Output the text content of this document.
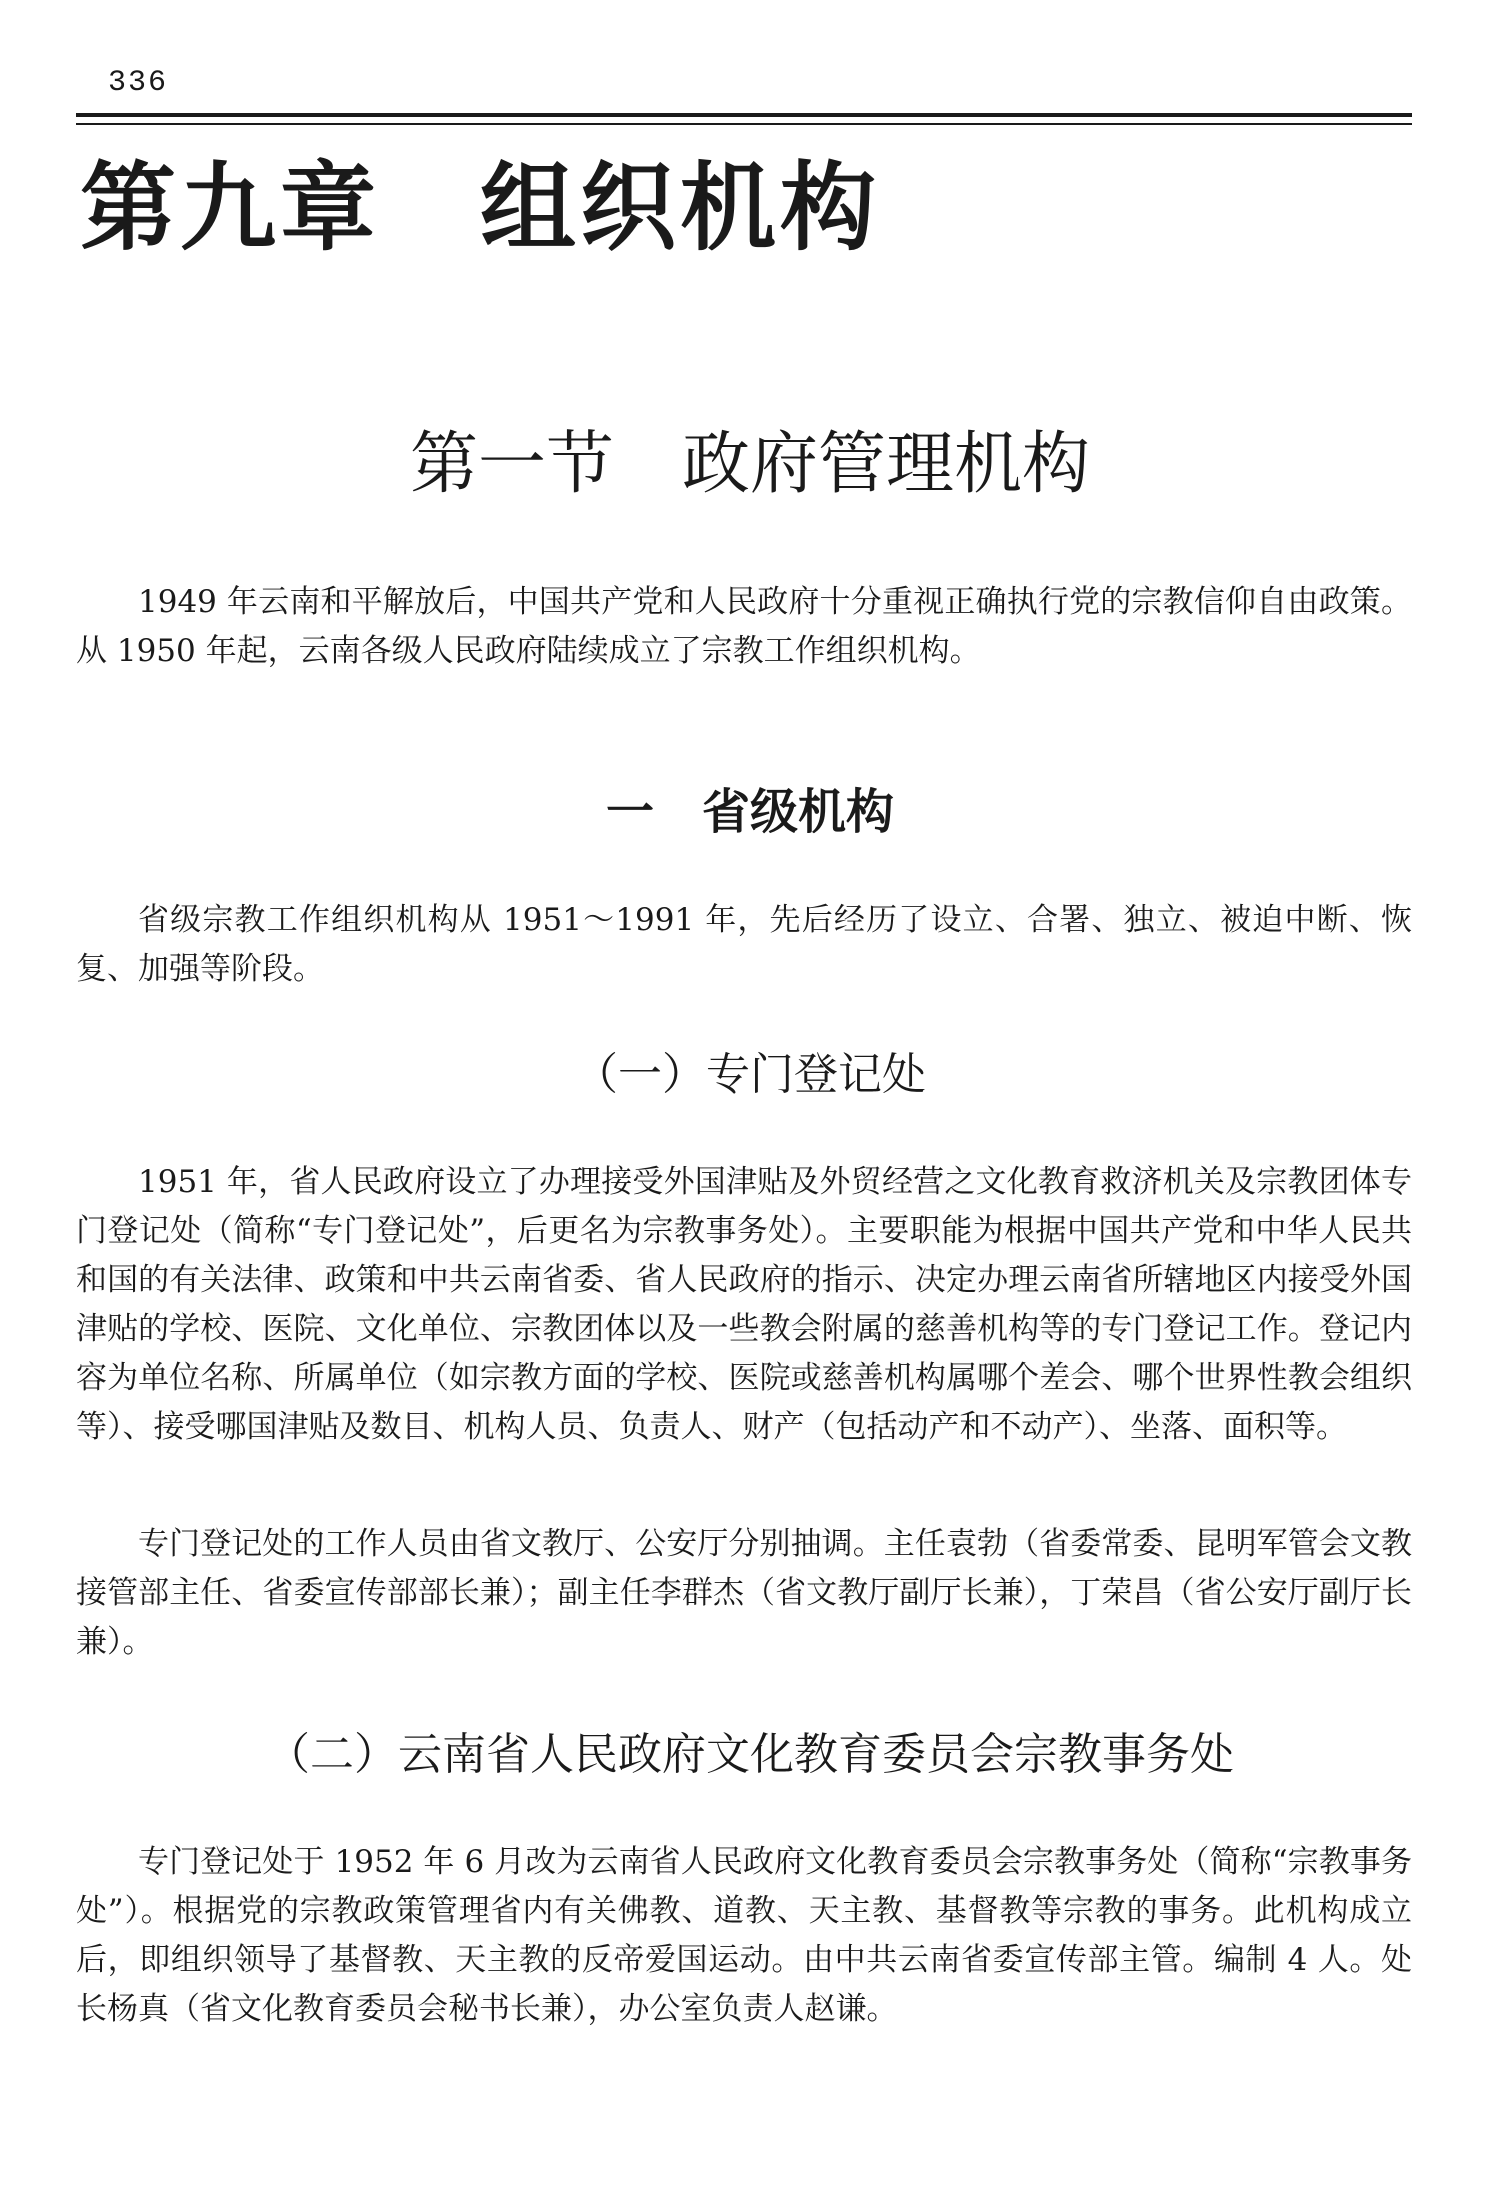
336
第九章　组织机构
第一节　政府管理机构

1949 年云南和平解放后，中国共产党和人民政府十分重视正确执行党的宗教信仰自由政策。从 1950 年起，云南各级人民政府陆续成立了宗教工作组织机构。

一　省级机构

省级宗教工作组织机构从 1951～1991 年，先后经历了设立、合署、独立、被迫中断、恢复、加强等阶段。

（一）专门登记处

1951 年，省人民政府设立了办理接受外国津贴及外贸经营之文化教育救济机关及宗教团体专门登记处（简称“专门登记处”，后更名为宗教事务处）。主要职能为根据中国共产党和中华人民共和国的有关法律、政策和中共云南省委、省人民政府的指示、决定办理云南省所辖地区内接受外国津贴的学校、医院、文化单位、宗教团体以及一些教会附属的慈善机构等的专门登记工作。登记内容为单位名称、所属单位（如宗教方面的学校、医院或慈善机构属哪个差会、哪个世界性教会组织等）、接受哪国津贴及数目、机构人员、负责人、财产（包括动产和不动产）、坐落、面积等。

专门登记处的工作人员由省文教厅、公安厅分别抽调。主任袁勃（省委常委、昆明军管会文教接管部主任、省委宣传部部长兼）；副主任李群杰（省文教厅副厅长兼），丁荣昌（省公安厅副厅长兼）。

（二）云南省人民政府文化教育委员会宗教事务处

专门登记处于 1952 年 6 月改为云南省人民政府文化教育委员会宗教事务处（简称“宗教事务处”）。根据党的宗教政策管理省内有关佛教、道教、天主教、基督教等宗教的事务。此机构成立后，即组织领导了基督教、天主教的反帝爱国运动。由中共云南省委宣传部主管。编制 4 人。处长杨真（省文化教育委员会秘书长兼），办公室负责人赵谦。
